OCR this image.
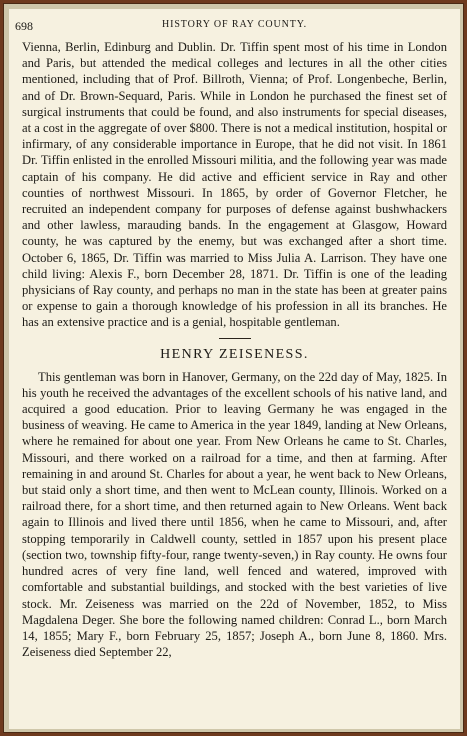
698	HISTORY OF RAY COUNTY.

Vienna, Berlin, Edinburg and Dublin. Dr. Tiffin spent most of his time in London and Paris, but attended the medical colleges and lectures in all the other cities mentioned, including that of Prof. Billroth, Vienna; of Prof. Longenbeche, Berlin, and of Dr. Brown-Sequard, Paris. While in London he purchased the finest set of surgical instruments that could be found, and also instruments for special diseases, at a cost in the aggregate of over $800. There is not a medical institution, hospital or infirmary, of any considerable importance in Europe, that he did not visit. In 1861 Dr. Tiffin enlisted in the enrolled Missouri militia, and the following year was made captain of his company. He did active and efficient service in Ray and other counties of northwest Missouri. In 1865, by order of Governor Fletcher, he recruited an independent company for purposes of defense against bushwhackers and other lawless, marauding bands. In the engagement at Glasgow, Howard county, he was captured by the enemy, but was exchanged after a short time. October 6, 1865, Dr. Tiffin was married to Miss Julia A. Larrison. They have one child living: Alexis F., born December 28, 1871. Dr. Tiffin is one of the leading physicians of Ray county, and perhaps no man in the state has been at greater pains or expense to gain a thorough knowledge of his profession in all its branches. He has an extensive practice and is a genial, hospitable gentleman.

HENRY ZEISENESS.

This gentleman was born in Hanover, Germany, on the 22d day of May, 1825. In his youth he received the advantages of the excellent schools of his native land, and acquired a good education. Prior to leaving Germany he was engaged in the business of weaving. He came to America in the year 1849, landing at New Orleans, where he remained for about one year. From New Orleans he came to St. Charles, Missouri, and there worked on a railroad for a time, and then at farming. After remaining in and around St. Charles for about a year, he went back to New Orleans, but staid only a short time, and then went to McLean county, Illinois. Worked on a railroad there, for a short time, and then returned again to New Orleans. Went back again to Illinois and lived there until 1856, when he came to Missouri, and, after stopping temporarily in Caldwell county, settled in 1857 upon his present place (section two, township fifty-four, range twenty-seven,) in Ray county. He owns four hundred acres of very fine land, well fenced and watered, improved with comfortable and substantial buildings, and stocked with the best varieties of live stock. Mr. Zeiseness was married on the 22d of November, 1852, to Miss Magdalena Deger. She bore the following named children: Conrad L., born March 14, 1855; Mary F., born February 25, 1857; Joseph A., born June 8, 1860. Mrs. Zeiseness died September 22,
